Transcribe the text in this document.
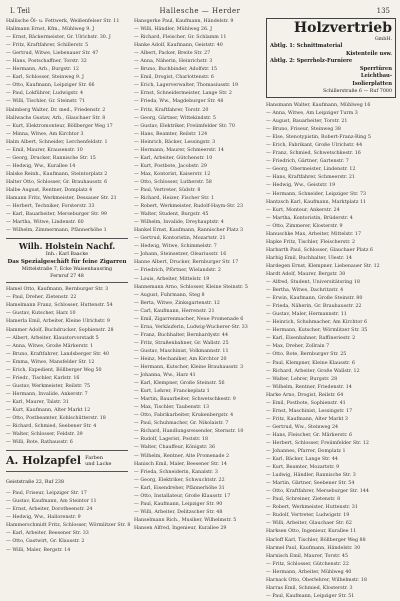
I. Teil	Hallesche — Herder	135
Hallische Öl- u. Fettwerk, Weißenfelser Str. 11
Hallmann Ernst, Kfm., Mühlweg 9. J
— Ernst, Bäckermeister, Gr. Ulrichstr. 30. J
— Fritz, Kraftfahrer, Schillerstr. 5
— Gertrud, Witwe, Liebenauer Str. 47
— Hans, Postschaffner, Torstr. 32
— Hermann, Arb., Burgstr. 12
— Karl, Schlosser, Steinweg 9. J
— Otto, Kaufmann, Leipziger Str. 66
— Paul, Lokführer, Ludwigstr. 4
— Willi, Tischler, Gr. Steinstr. 71
Halmberg Walter, Dr. med., Friedenstr. 2
Hallwachs Gustav, Arb., Glauchaer Str. 8
— Kurt, Elektromonteur, Böllberger Weg 17
— Minna, Witwe, Am Kirchtor 3
Halm Albert, Schneider, Lerchenfeldstr. 1
— Emil, Maurer, Krausenstr. 10
— Georg, Drucker, Rannische Str. 15
— Hedwig, Ww., Kurallee 14
Halske Reinh., Kaufmann, Steintorplatz 2
Halter Otto, Schlosser, Gr. Brauhausstr. 6
Halbe August, Rentner, Domplatz 4
Hamann Fritz, Werkmeister, Dessauer Str. 21
— Herbert, Techniker, Forsterstr. 33
— Karl, Bauarbeiter, Merseburger Str. 99
— Martha, Witwe, Lindenstr. 60
— Wilhelm, Zimmermann, Pfännerhöhe 1
Wilh. Holstein Nachf.
Inh.: Karl Baacke
Das Spezialgeschäft für feine Zigarren
Mittelstraße 7, Ecke Waisenhausring
Fernruf 27 48
Hamel Otto, Kaufmann, Bernburger Str. 3
— Paul, Dreher, Zietenstr. 22
Hamelmann Franz, Schlosser, Huttenstr. 54
— Gustav, Kutscher, Harz 10
Hamerla Emil, Arbeiter, Kleine Ulrichstr. 9
Hammer Adolf, Buchdrucker, Sophienstr. 28
— Albert, Arbeiter, Klaustorvorstadt 5
— Anna, Witwe, Große Märkerstr. 1
— Bruno, Kraftfahrer, Landsberger Str. 40
— Emma, Witwe, Mansfelder Str. 12
— Erich, Expedient, Böllberger Weg 50
— Friedr., Tischler, Karlstr. 16
— Gustav, Werkmeister, Reilstr. 75
— Hermann, Invalide, Ankerstr. 7
— Karl, Maurer, Talstr. 31
— Kurt, Kaufmann, Alter Markt 12
— Otto, Postbeamter, Kohlschütterstr. 18
— Richard, Schmied, Seebener Str. 4
— Walter, Schlosser, Feldstr. 39
— Willi, Bote, Rathausstr. 6
A. Holzapfel Farben
und Lacke
Geiststraße 22, Ruf 238
— Paul, Friseur, Leipziger Str. 17
— Gustav, Kaufmann, Am Steintor 11
— Ernst, Arbeiter, Dorotheenstr. 24
— Hedwig, Ww., Hallorenstr. 9
Hammerschmidt Fritz, Schlosser, Wörmlitzer Str. 8
— Karl, Arbeiter, Beesener Str. 33
— Otto, Gastwirt, Gr. Klausstr. 2
— Willi, Maler, Bergstr. 14
Hansgerke Paul, Kaufmann, Händelstr. 9
— Willi, Händler, Mühlweg 26. J
— Richard, Fleischer, Gr. Schlamm 11
Hanke Adolf, Kaufmann, Geiststr. 40
— Albert, Packer, Breite Str. 27
— Anna, Näherin, Heinrichstr. 3
— Bruno, Buchbinder, Adolfstr. 15
— Emil, Drogist, Charlottenstr. 6
— Erich, Lagerverwalter, Thomasiusstr. 19
— Ernst, Schneidermeister, Lange Str. 2
— Frieda, Ww., Magdeburger Str. 48
— Fritz, Kraftfahrer, Torstr. 20
— Georg, Gärtner, Wittekindstr. 5
— Gustav, Elektriker, Freiimfelder Str. 70
— Hans, Beamter, Reilstr. 124
— Heinrich, Bäcker, Lessingstr. 3
— Hermann, Maurer, Schmeerstr. 14
— Karl, Arbeiter, Gütchenstr. 10
— Kurt, Postbote, Jacobstr. 29
— Max, Kontorist, Kaiserstr. 12
— Otto, Schlosser, Lutherstr. 58
— Paul, Vertreter, Südstr. 8
— Richard, Heizer, Fischer Str. 1
— Robert, Werkmeister, Rudolf-Haym-Str. 23
— Walter, Student, Burgstr. 45
— Wilhelm, Invalide, Dreyhauptstr. 4
Hankel Ernst, Kaufmann, Rannischer Platz 3
— Gertrud, Kontoristin, Mozartstr. 21
— Hedwig, Witwe, Schimmelstr. 7
— Johann, Steinsetzer, Oleariusstr. 16
Hanne Albert, Drucker, Bernburger Str. 17
— Friedrich, Pförtner, Wielandstr. 2
— Louis, Arbeiter, Mittelstr. 19
Hannemann Arno, Schlosser, Kleine Steinstr. 5
— August, Fuhrmann, Steg 8
— Berta, Witwe, Zinksgartenstr. 12
— Carl, Kaufmann, Herrenstr. 21
— Emil, Zigarrenmacher, Neue Promenade 6
— Erna, Verkäuferin, Ludwig-Wucherer-Str. 33
— Franz, Buchhalter, Bernhardystr. 44
— Fritz, Straßenbahner, Gr. Wallstr. 25
— Gustav, Maschinist, Volkmannstr. 11
— Heinz, Mechaniker, Am Kirchtor 20
— Hermann, Kutscher, Kleine Brauhausstr. 3
— Johanna, Ww., Harz 41
— Karl, Klempner, Große Steinstr. 56
— Kurt, Lehrer, Franckeplatz 1
— Martin, Bauarbeiter, Schwetschkestr. 9
— Max, Tischler, Taubenstr. 13
— Otto, Fabrikarbeiter, Krukenbergstr. 4
— Paul, Schuhmacher, Gr. Nikolaistr. 7
— Richard, Handlungsreisender, Sternstr. 10
— Rudolf, Lagerist, Poststr. 18
— Walter, Chauffeur, Königstr. 36
— Wilhelm, Rentner, Alte Promenade 2
Hanisch Emil, Maler, Beesener Str. 14
— Frieda, Schneiderin, Kanalstr. 3
— Georg, Elektriker, Schwuchtstr. 22
— Karl, Eisendreher, Pfännerhöhe 31
— Otto, Installateur, Große Klausstr. 17
— Paul, Kaufmann, Leipziger Str. 90
— Willi, Arbeiter, Delitzscher Str. 48
Hanselmann Rich., Musiker, Wilhelmstr. 5
Hansen Alfred, Ingenieur, Kurallee 29
Holzvertrieb
GmbH.
Abtlg. 1: Schnittmaterial
Kistenteile usw.
Abtlg. 2: Sperrholz-Furniere
Sperrtüren
Leichtbau-
Isolierplatten
Schillerstraße 6 — Ruf 7000
Hansmann Walter, Kaufmann, Mühlweg 16
— Anna, Witwe, Am Leipziger Turm 3
— August, Bauarbeiter, Torstr. 21
— Bruno, Friseur, Steinweg 38
— Else, Stenotypistin, Robert-Franz-Ring 5
— Erich, Fabrikant, Große Ulrichstr. 44
— Franz, Schmied, Schwetschkestr. 16
— Friedrich, Gärtner, Gartenstr. 7
— Georg, Obermeister, Lindenstr. 12
— Hans, Kraftfahrer, Schmeerstr. 21
— Hedwig, Ww., Geiststr. 19
— Hermann, Schneider, Leipziger Str. 73
Hantzsch Karl, Kaufmann, Marktplatz 11
— Kurt, Monteur, Ankerstr. 24
— Martha, Kontoristin, Brüderstr. 4
— Otto, Zimmerer, Klosterstr. 9
Hanuschke Max, Arbeiter, Mittelstr. 17
Hapke Fritz, Tischler, Fleischerstr. 2
Harbarth Paul, Schlosser, Glauchaer Platz 6
Harbig Emil, Buchhalter, Ulestr. 14
Hardegen Ernst, Klempner, Liebenauer Str. 12
Hardt Adolf, Maurer, Bergstr. 30
— Alfred, Student, Universitätsring 18
— Bertha, Witwe, Dachritzstr. 4
— Erwin, Kaufmann, Große Steinstr. 80
— Frieda, Näherin, Gr. Brauhausstr. 22
— Gustav, Maler, Hermannstr. 11
— Heinrich, Schuhmacher, Am Kirchtor 6
— Hermann, Kutscher, Wörmlitzer Str. 35
— Karl, Eisenbahner, Raffineriestr. 2
— Max, Dreher, Zollrain 7
— Otto, Bote, Bernburger Str. 25
— Paul, Klempner, Kleine Klausstr. 6
— Richard, Arbeiter, Große Wallstr. 12
— Walter, Lehrer, Burgstr. 28
— Wilhelm, Rentner, Friedenstr. 14
Harke Arno, Drogist, Reilstr. 64
— Emil, Postbote, Sophienstr. 41
— Ernst, Maschinist, Lessingstr. 17
— Fritz, Kaufmann, Alter Markt 3
— Gertrud, Ww., Steinweg 24
— Hans, Fleischer, Gr. Märkerstr. 6
— Herbert, Schlosser, Freiimfelder Str. 12
— Johannes, Pfarrer, Domplatz 1
— Karl, Bäcker, Lange Str. 44
— Kurt, Beamter, Mozartstr. 9
— Ludwig, Händler, Rannische Str. 3
— Martin, Gärtner, Seebener Str. 54
— Otto, Kraftfahrer, Merseburger Str. 144
— Paul, Schreiner, Zietenstr. 8
— Robert, Werkmeister, Huttenstr. 31
— Rudolf, Vertreter, Ludwigstr. 19
— Willi, Arbeiter, Glauchaer Str. 62
Harksen Otto, Ingenieur, Kurallee 11
Harloff Karl, Tischler, Böllberger Weg 88
Harmel Paul, Kaufmann, Händelstr. 30
Harnisch Emil, Maurer, Torstr. 45
— Fritz, Schlosser, Gütchenstr. 22
— Hermann, Arbeiter, Mühlweg 40
Harnack Otto, Oberlehrer, Wilhelmstr. 18
Harras Emil, Schmied, Klosterstr. 3
— Paul, Kaufmann, Leipziger Str. 51
